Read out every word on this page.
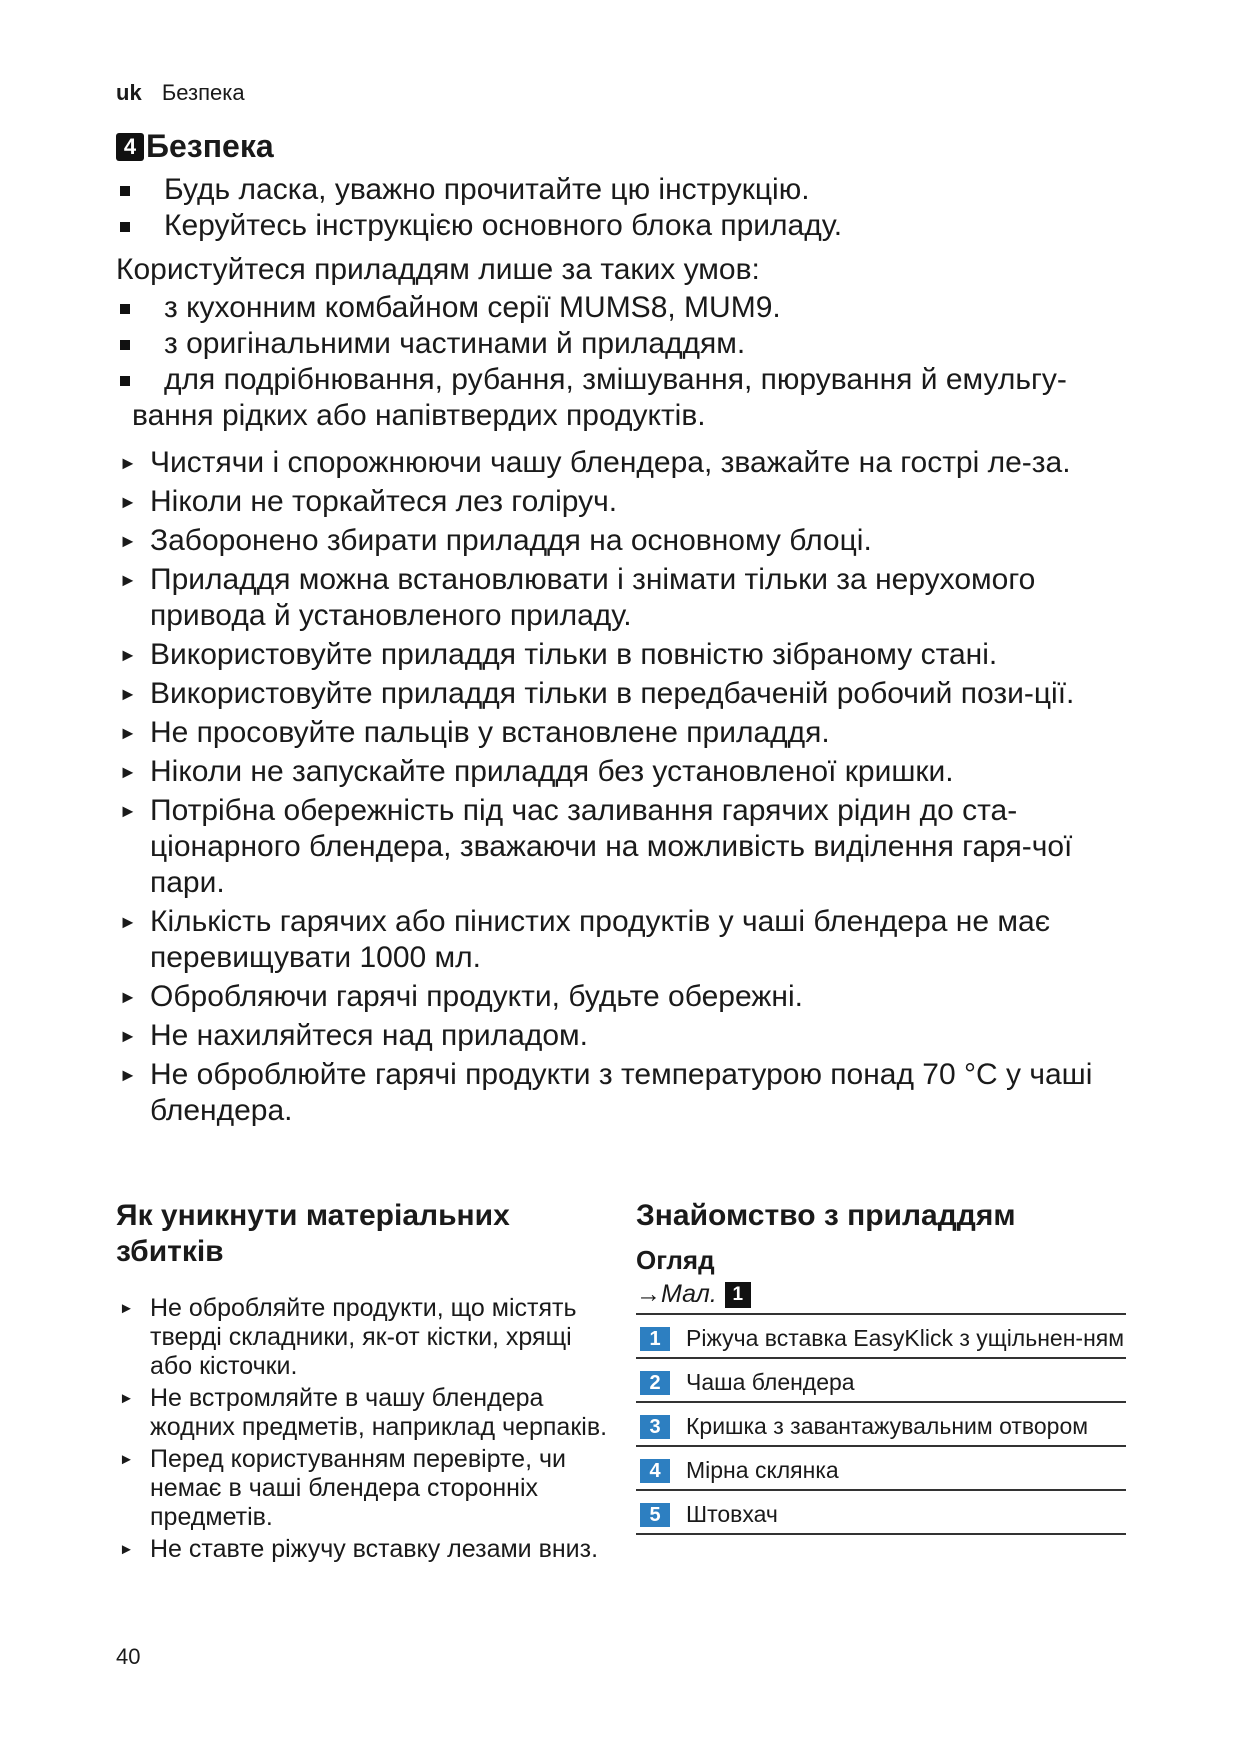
uk Безпека
4 Безпека
Будь ласка, уважно прочитайте цю інструкцію.
Керуйтесь інструкцією основного блока приладу.
Користуйтеся приладдям лише за таких умов:
з кухонним комбайном серії MUMS8, MUM9.
з оригінальними частинами й приладдям.
для подрібнювання, рубання, змішування, пюрування й емульгу-
вання рідких або напівтвердих продуктів.
► Чистячи і спорожнюючи чашу блендера, зважайте на гострі ле-за.
► Ніколи не торкайтеся лез голіруч.
► Заборонено збирати приладдя на основному блоці.
► Приладдя можна встановлювати і знімати тільки за нерухомого привода й установленого приладу.
► Використовуйте приладдя тільки в повністю зібраному стані.
► Використовуйте приладдя тільки в передбаченій робочий пози-ції.
► Не просовуйте пальців у встановлене приладдя.
► Ніколи не запускайте приладдя без установленої кришки.
► Потрібна обережність під час заливання гарячих рідин до ста-ціонарного блендера, зважаючи на можливість виділення гаря-чої пари.
► Кількість гарячих або пінистих продуктів у чаші блендера не має перевищувати 1000 мл.
► Обробляючи гарячі продукти, будьте обережні.
► Не нахиляйтеся над приладом.
► Не оброблюйте гарячі продукти з температурою понад 70 °C у чаші блендера.
Як уникнути матеріальних збитків
► Не обробляйте продукти, що містять тверді складники, як-от кістки, хрящі або кісточки.
► Не встромляйте в чашу блендера жодних предметів, наприклад черпаків.
► Перед користуванням перевірте, чи немає в чаші блендера сторонніх предметів.
► Не ставте ріжучу вставку лезами вниз.
Знайомство з приладдям
Огляд
→ Мал. 1
1	Ріжуча вставка EasyKlick з ущільнен-ням
2	Чаша блендера
3	Кришка з завантажувальним отвором
4	Мірна склянка
5	Штовхач
40
